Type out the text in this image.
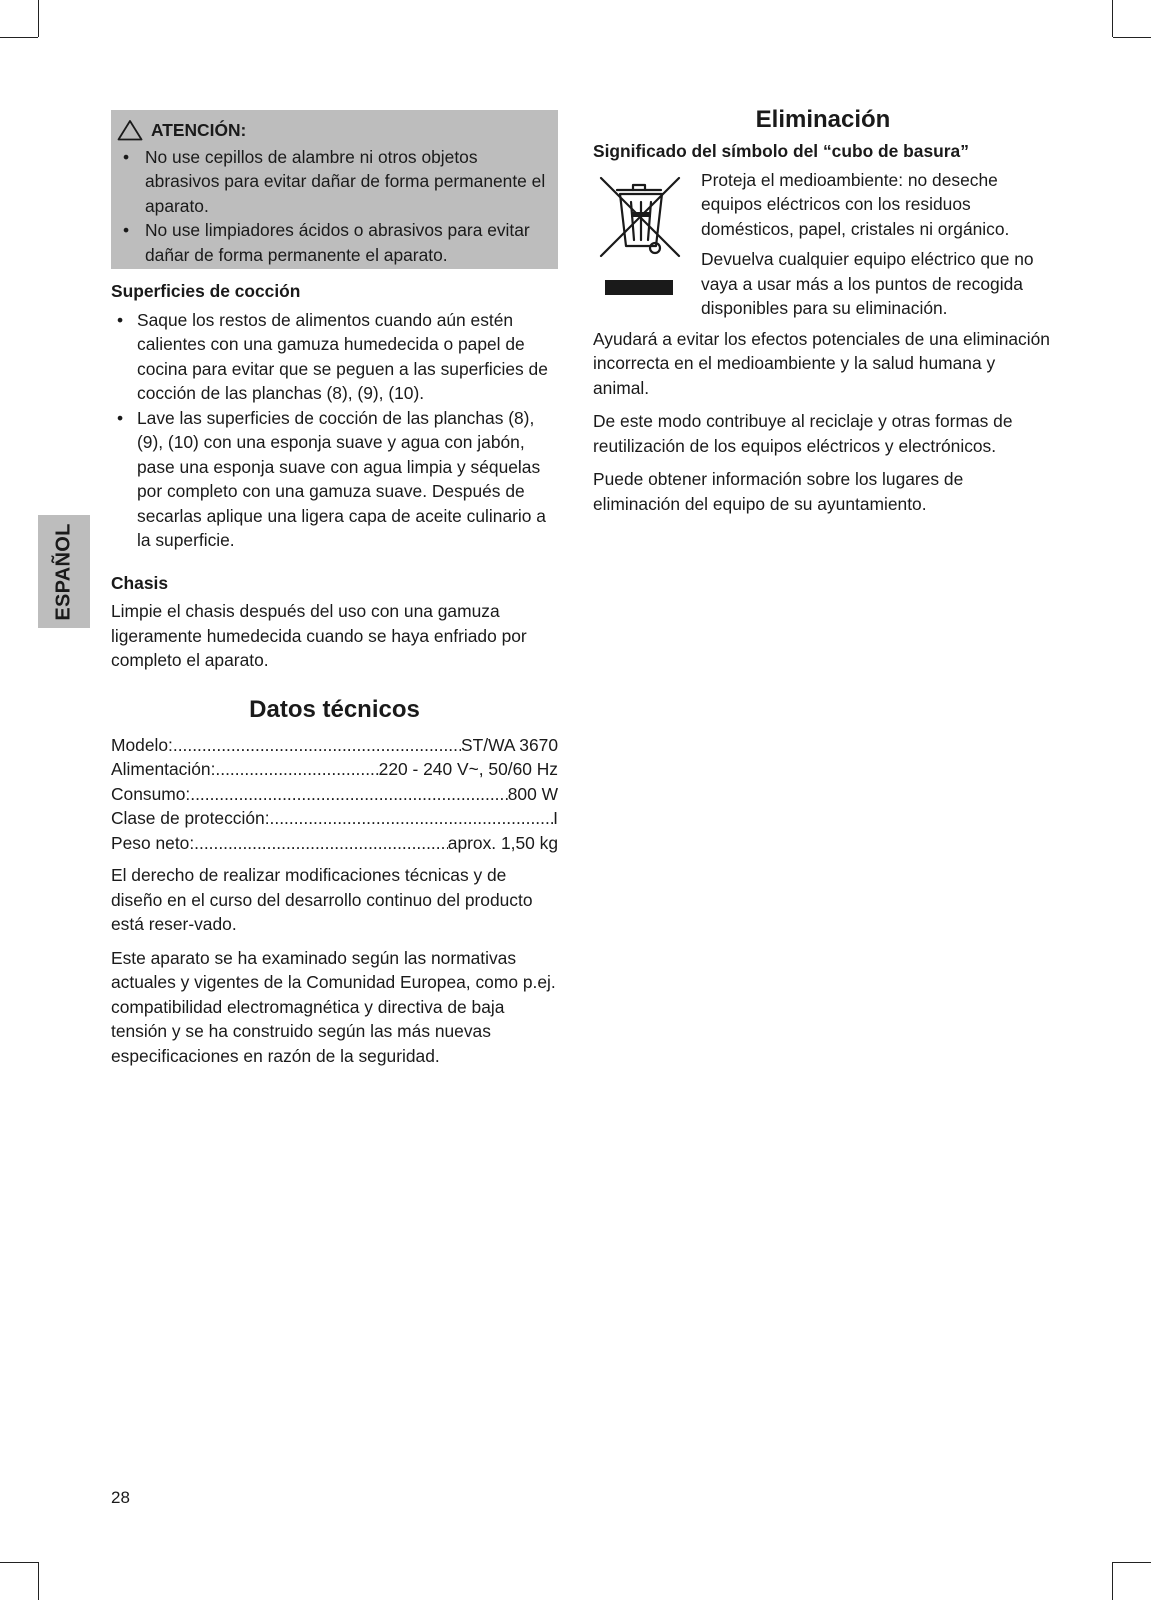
ESPAÑOL
ATENCIÓN:
• No use cepillos de alambre ni otros objetos abrasivos para evitar dañar de forma permanente el aparato.
• No use limpiadores ácidos o abrasivos para evitar dañar de forma permanente el aparato.
Superficies de cocción
• Saque los restos de alimentos cuando aún estén calientes con una gamuza humedecida o papel de cocina para evitar que se peguen a las superficies de cocción de las planchas (8), (9), (10).
• Lave las superficies de cocción de las planchas (8), (9), (10) con una esponja suave y agua con jabón, pase una esponja suave con agua limpia y séquelas por completo con una gamuza suave. Después de secarlas aplique una ligera capa de aceite culinario a la superficie.
Chasis

Limpie el chasis después del uso con una gamuza ligeramente humedecida cuando se haya enfriado por completo el aparato.

Datos técnicos
Modelo:. .....	ST/WA 3670
Alimentación: .....	220 - 240 V~, 50/60 Hz
Consumo: .....	800 W
Clase de protección: .....	I
Peso neto: .....	aprox. 1,50 kg

El derecho de realizar modificaciones técnicas y de diseño en el curso del desarrollo continuo del producto está reser-vado.

Este aparato se ha examinado según las normativas actuales y vigentes de la Comunidad Europea, como p.ej. compatibilidad electromagnética y directiva de baja tensión y se ha construido según las más nuevas especificaciones en razón de la seguridad.

Eliminación
Significado del símbolo del “cubo de basura”

Proteja el medioambiente: no deseche equipos eléctricos con los residuos domésticos, papel, cristales ni orgánico.

Devuelva cualquier equipo eléctrico que no vaya a usar más a los puntos de recogida disponibles para su eliminación.

Ayudará a evitar los efectos potenciales de una eliminación incorrecta en el medioambiente y la salud humana y animal.

De este modo contribuye al reciclaje y otras formas de reutilización de los equipos eléctricos y electrónicos.

Puede obtener información sobre los lugares de eliminación del equipo de su ayuntamiento.

28
